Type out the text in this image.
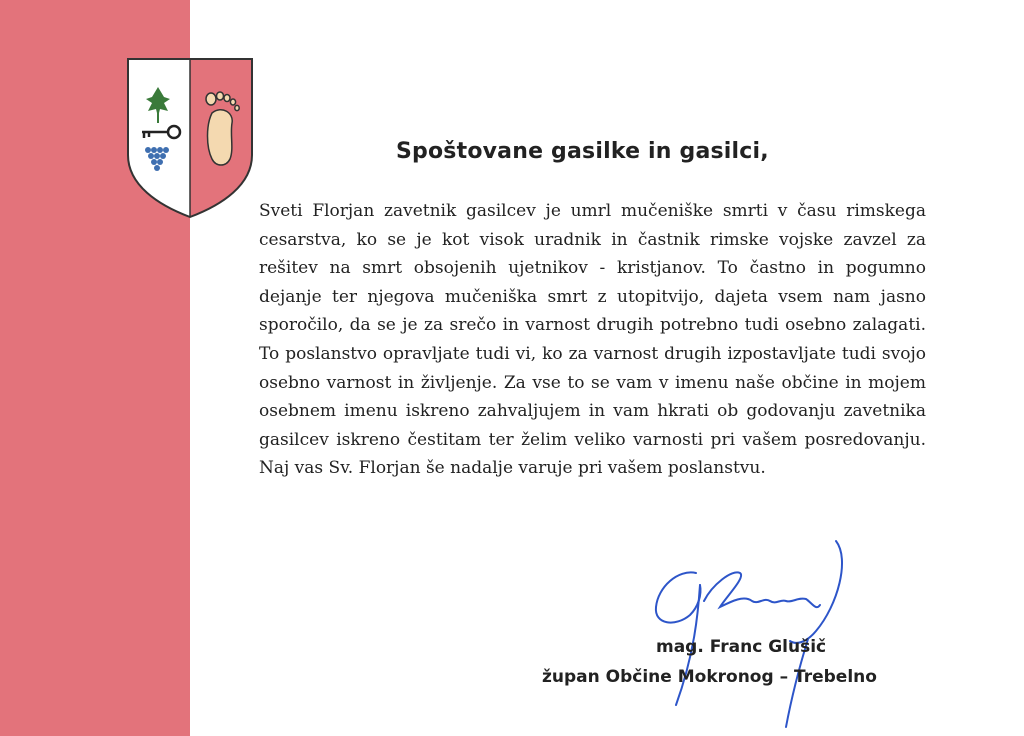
Spoštovane gasilke in gasilci,

Sveti Florjan zavetnik gasilcev je umrl mučeniške smrti v času rimskega cesarstva, ko se je kot visok uradnik in častnik rimske vojske zavzel za rešitev na smrt obsojenih ujetnikov - kristjanov. To častno in pogumno dejanje ter njegova mučeniška smrt z utopitvijo, dajeta vsem nam jasno sporočilo, da se je za srečo in varnost drugih potrebno tudi osebno zalagati. To poslanstvo opravljate tudi vi, ko za varnost drugih izpostavljate tudi svojo osebno varnost in življenje. Za vse to se vam v imenu naše občine in mojem osebnem imenu iskreno zahvaljujem in vam hkrati ob godovanju zavetnika gasilcev iskreno čestitam ter želim veliko varnosti pri vašem posredovanju. Naj vas Sv. Florjan še nadalje varuje pri vašem poslanstvu.

mag. Franc Glušič

župan Občine Mokronog – Trebelno
